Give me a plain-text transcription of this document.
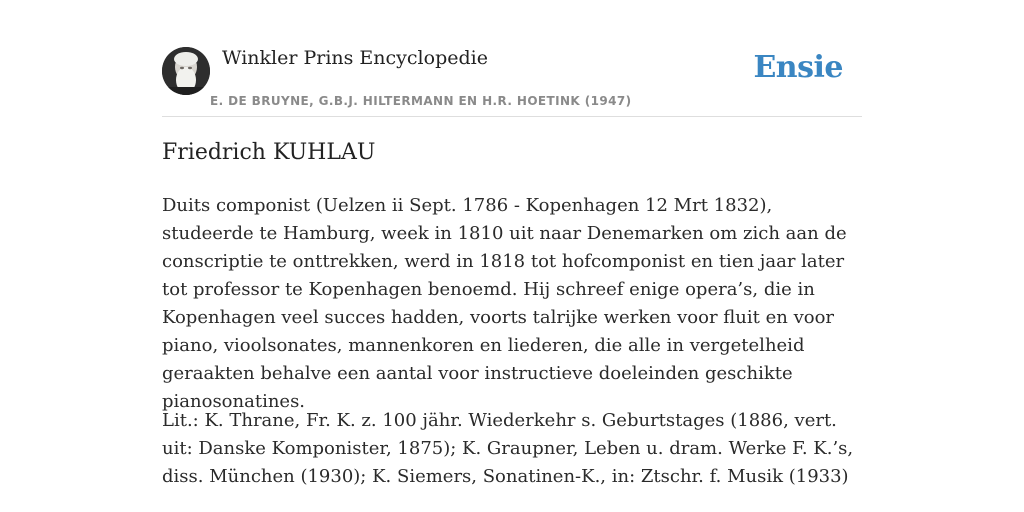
Winkler Prins Encyclopedie	Ensie
E. DE BRUYNE, G.B.J. HILTERMANN EN H.R. HOETINK (1947)
Friedrich KUHLAU

Duits componist (Uelzen ii Sept. 1786 - Kopenhagen 12 Mrt 1832), studeerde te Hamburg, week in 1810 uit naar Denemarken om zich aan de conscriptie te onttrekken, werd in 1818 tot hofcomponist en tien jaar later tot professor te Kopenhagen benoemd. Hij schreef enige opera’s, die in Kopenhagen veel succes hadden, voorts talrijke werken voor fluit en voor piano, vioolsonates, mannenkoren en liederen, die alle in vergetelheid geraakten behalve een aantal voor instructieve doeleinden geschikte pianosonatines.

Lit.: K. Thrane, Fr. K. z. 100 jähr. Wiederkehr s. Geburtstages (1886, vert. uit: Danske Komponister, 1875); K. Graupner, Leben u. dram. Werke F. K.’s, diss. München (1930); K. Siemers, Sonatinen-K., in: Ztschr. f. Musik (1933)
